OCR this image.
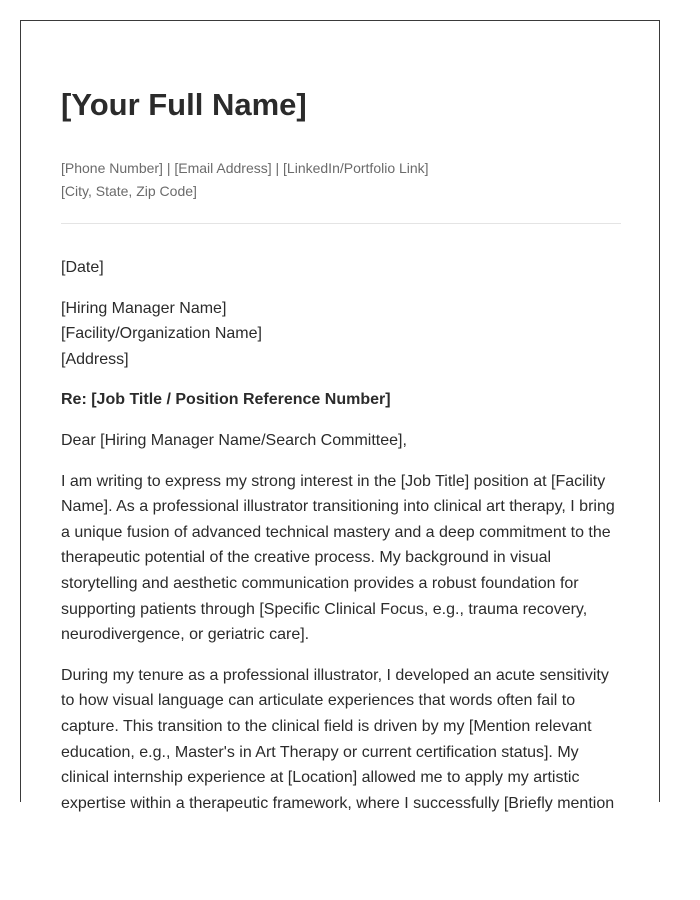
[Your Full Name]
[Phone Number] | [Email Address] | [LinkedIn/Portfolio Link]
[City, State, Zip Code]
[Date]
[Hiring Manager Name]
[Facility/Organization Name]
[Address]
Re: [Job Title / Position Reference Number]
Dear [Hiring Manager Name/Search Committee],
I am writing to express my strong interest in the [Job Title] position at [Facility Name]. As a professional illustrator transitioning into clinical art therapy, I bring a unique fusion of advanced technical mastery and a deep commitment to the therapeutic potential of the creative process. My background in visual storytelling and aesthetic communication provides a robust foundation for supporting patients through [Specific Clinical Focus, e.g., trauma recovery, neurodivergence, or geriatric care].
During my tenure as a professional illustrator, I developed an acute sensitivity to how visual language can articulate experiences that words often fail to capture. This transition to the clinical field is driven by my [Mention relevant education, e.g., Master's in Art Therapy or current certification status]. My clinical internship experience at [Location] allowed me to apply my artistic expertise within a therapeutic framework, where I successfully [Briefly mention
